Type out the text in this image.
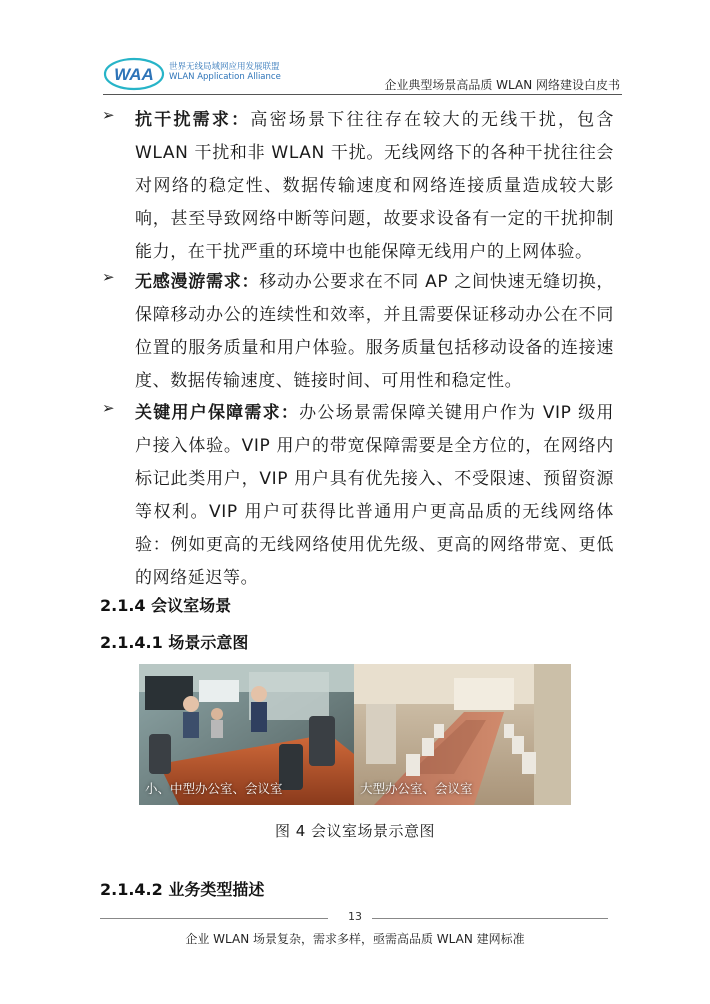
WAA 世界无线局域网应用发展联盟
WLAN Application Alliance
企业典型场景高品质 WLAN 网络建设白皮书
➢ 抗干扰需求：高密场景下往往存在较大的无线干扰，包含WLAN 干扰和非 WLAN 干扰。无线网络下的各种干扰往往会对网络的稳定性、数据传输速度和网络连接质量造成较大影响，甚至导致网络中断等问题，故要求设备有一定的干扰抑制能力，在干扰严重的环境中也能保障无线用户的上网体验。
➢ 无感漫游需求：移动办公要求在不同 AP 之间快速无缝切换，保障移动办公的连续性和效率，并且需要保证移动办公在不同位置的服务质量和用户体验。服务质量包括移动设备的连接速度、数据传输速度、链接时间、可用性和稳定性。
➢ 关键用户保障需求：办公场景需保障关键用户作为 VIP 级用户接入体验。VIP 用户的带宽保障需要是全方位的，在网络内标记此类用户，VIP 用户具有优先接入、不受限速、预留资源等权利。VIP 用户可获得比普通用户更高品质的无线网络体验：例如更高的无线网络使用优先级、更高的网络带宽、更低的网络延迟等。
2.1.4 会议室场景
2.1.4.1 场景示意图
小、中型办公室、会议室	大型办公室、会议室
图 4 会议室场景示意图
2.1.4.2 业务类型描述
13
企业 WLAN 场景复杂，需求多样，亟需高品质 WLAN 建网标准
